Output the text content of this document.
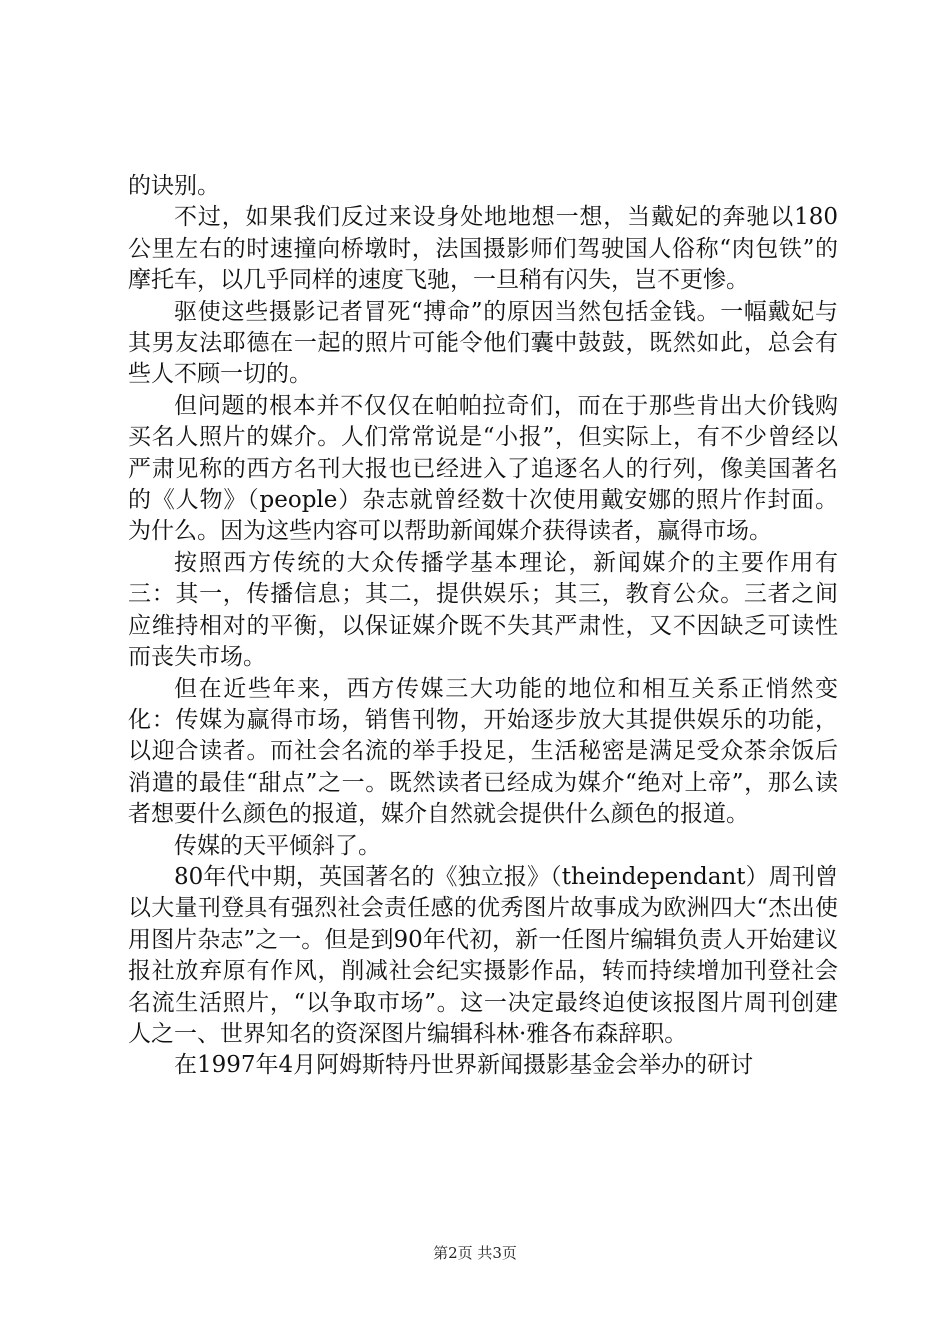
的诀别。

不过，如果我们反过来设身处地地想一想，当戴妃的奔驰以180公里左右的时速撞向桥墩时，法国摄影师们驾驶国人俗称“肉包铁”的摩托车，以几乎同样的速度飞驰，一旦稍有闪失，岂不更惨。

驱使这些摄影记者冒死“搏命”的原因当然包括金钱。一幅戴妃与其男友法耶德在一起的照片可能令他们囊中鼓鼓，既然如此，总会有些人不顾一切的。

但问题的根本并不仅仅在帕帕拉奇们，而在于那些肯出大价钱购买名人照片的媒介。人们常常说是“小报”，但实际上，有不少曾经以严肃见称的西方名刊大报也已经进入了追逐名人的行列，像美国著名的《人物》（people）杂志就曾经数十次使用戴安娜的照片作封面。为什么。因为这些内容可以帮助新闻媒介获得读者，赢得市场。

按照西方传统的大众传播学基本理论，新闻媒介的主要作用有三：其一，传播信息；其二，提供娱乐；其三，教育公众。三者之间应维持相对的平衡，以保证媒介既不失其严肃性，又不因缺乏可读性而丧失市场。

但在近些年来，西方传媒三大功能的地位和相互关系正悄然变化：传媒为赢得市场，销售刊物，开始逐步放大其提供娱乐的功能，以迎合读者。而社会名流的举手投足，生活秘密是满足受众茶余饭后消遣的最佳“甜点”之一。既然读者已经成为媒介“绝对上帝”，那么读者想要什么颜色的报道，媒介自然就会提供什么颜色的报道。

传媒的天平倾斜了。

80年代中期，英国著名的《独立报》（theindependant）周刊曾以大量刊登具有强烈社会责任感的优秀图片故事成为欧洲四大“杰出使用图片杂志”之一。但是到90年代初，新一任图片编辑负责人开始建议报社放弃原有作风，削减社会纪实摄影作品，转而持续增加刊登社会名流生活照片，“以争取市场”。这一决定最终迫使该报图片周刊创建人之一、世界知名的资深图片编辑科林·雅各布森辞职。

在1997年4月阿姆斯特丹世界新闻摄影基金会举办的研讨

第2页 共3页
